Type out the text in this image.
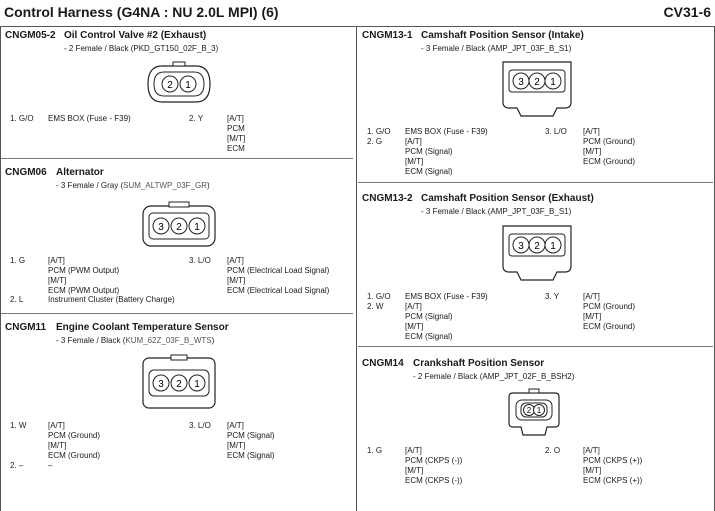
Control Harness (G4NA : NU 2.0L MPI) (6)	CV31-6
CNGM05-2 Oil Control Valve #2 (Exhaust)
- 2 Female / Black (PKD_GT150_02F_B_3)
2 1
1. G/O	EMS BOX (Fuse - F39)	2. Y	[A/T]
PCM
[M/T]
ECM
CNGM06 Alternator
- 3 Female / Gray (SUM_ALTWP_03F_GR)
3 2 1
1. G	[A/T]
PCM (PWM Output)
[M/T]
ECM (PWM Output)
2. L	Instrument Cluster (Battery Charge)
3. L/O [A/T]
PCM (Electrical Load Signal)
[M/T]
ECM (Electrical Load Signal)
CNGM11 Engine Coolant Temperature Sensor
- 3 Female / Black (KUM_62Z_03F_B_WTS)
3 2 1
1. W	[A/T]
PCM (Ground)
[M/T]
ECM (Ground)
2. –	–
3. L/O [A/T]
PCM (Signal)
[M/T]
ECM (Signal)
CNGM13-1 Camshaft Position Sensor (Intake)
- 3 Female / Black (AMP_JPT_03F_B_S1)
3 2 1
1. G/O EMS BOX (Fuse - F39)
2. G	[A/T]
PCM (Signal)
[M/T]
ECM (Signal)
3. L/O [A/T]
PCM (Ground)
[M/T]
ECM (Ground)
CNGM13-2 Camshaft Position Sensor (Exhaust)
- 3 Female / Black (AMP_JPT_03F_B_S1)
3 2 1
1. G/O EMS BOX (Fuse - F39)
2. W	[A/T]
PCM (Signal)
[M/T]
ECM (Signal)
3. Y	[A/T]
PCM (Ground)
[M/T]
ECM (Ground)
CNGM14 Crankshaft Position Sensor
- 2 Female / Black (AMP_JPT_02F_B_BSH2)
2 1
1. G	[A/T]
PCM (CKPS (-))
[M/T]
ECM (CKPS (-))
2. O	[A/T]
PCM (CKPS (+))
[M/T]
ECM (CKPS (+))
